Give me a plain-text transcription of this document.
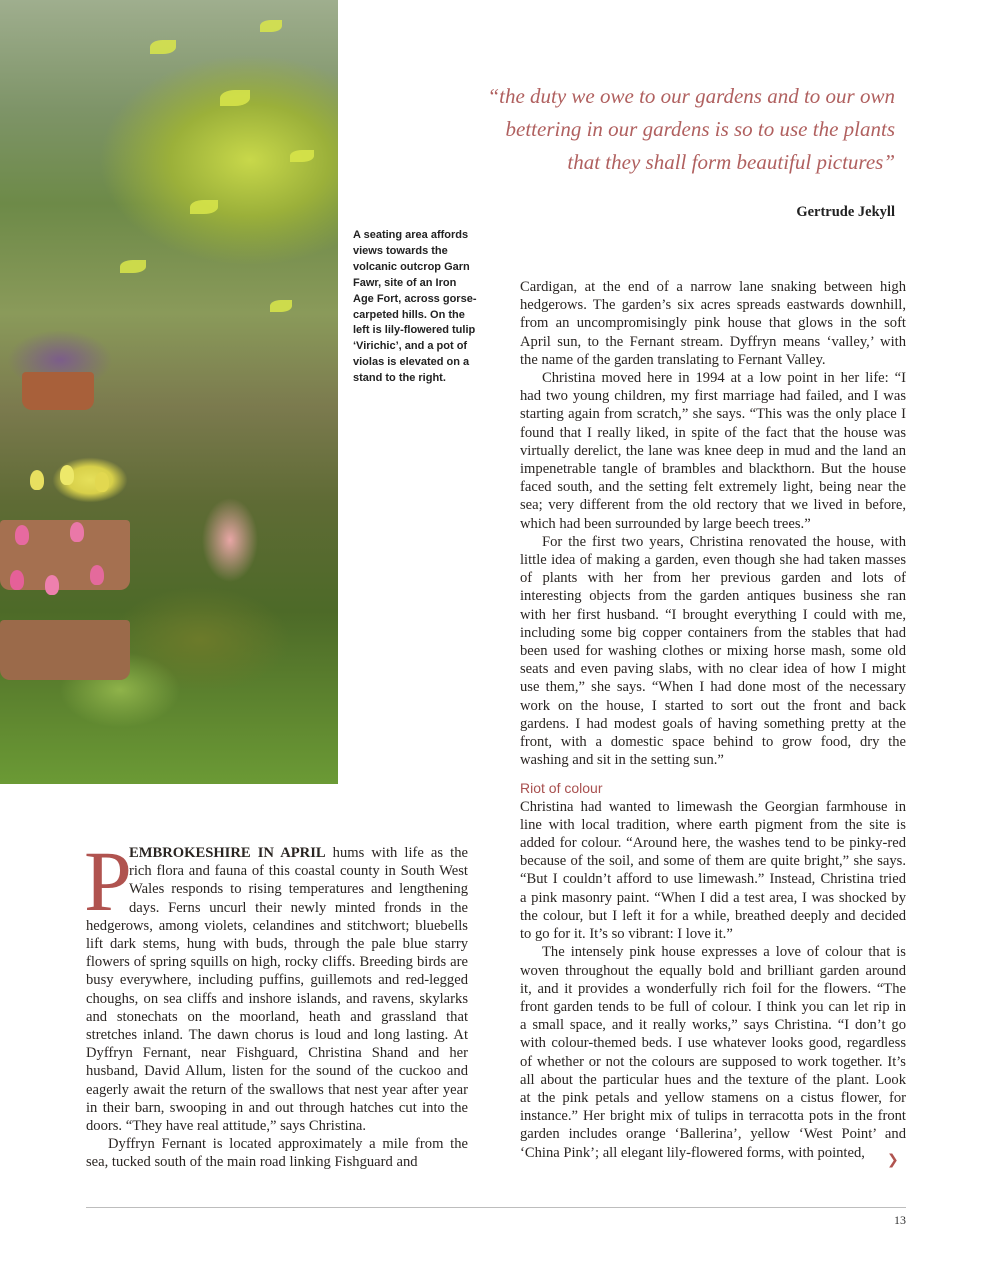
“the duty we owe to our gardens and to our own
bettering in our gardens is so to use the plants
that they shall form beautiful pictures”
Gertrude Jekyll
A seating area affords views towards the volcanic outcrop Garn Fawr, site of an Iron Age Fort, across gorse-carpeted hills. On the left is lily-flowered tulip ‘Virichic’, and a pot of violas is elevated on a stand to the right.
P
EMBROKESHIRE IN APRIL hums with life as the
rich flora and fauna of this coastal county in South West
Wales responds to rising temperatures and lengthening
days. Ferns uncurl their newly minted fronds in the
hedgerows, among violets, celandines and stitchwort; bluebells
lift dark stems, hung with buds, through the pale blue starry
flowers of spring squills on high, rocky cliffs. Breeding birds are
busy everywhere, including puffins, guillemots and red-legged
choughs, on sea cliffs and inshore islands, and ravens, skylarks
and stonechats on the moorland, heath and grassland that
stretches inland. The dawn chorus is loud and long lasting. At
Dyffryn Fernant, near Fishguard, Christina Shand and her
husband, David Allum, listen for the sound of the cuckoo and
eagerly await the return of the swallows that nest year after year
in their barn, swooping in and out through hatches cut into the
doors. “They have real attitude,” says Christina.
Dyffryn Fernant is located approximately a mile from the
sea, tucked south of the main road linking Fishguard and
Cardigan, at the end of a narrow lane snaking between high
hedgerows. The garden’s six acres spreads eastwards downhill,
from an uncompromisingly pink house that glows in the soft
April sun, to the Fernant stream. Dyffryn means ‘valley,’ with
the name of the garden translating to Fernant Valley.
Christina moved here in 1994 at a low point in her life: “I
had two young children, my first marriage had failed, and I was
starting again from scratch,” she says. “This was the only place I
found that I really liked, in spite of the fact that the house was
virtually derelict, the lane was knee deep in mud and the land an
impenetrable tangle of brambles and blackthorn. But the house
faced south, and the setting felt extremely light, being near the
sea; very different from the old rectory that we lived in before,
which had been surrounded by large beech trees.”
For the first two years, Christina renovated the house, with
little idea of making a garden, even though she had taken masses
of plants with her from her previous garden and lots of
interesting objects from the garden antiques business she ran
with her first husband. “I brought everything I could with me,
including some big copper containers from the stables that had
been used for washing clothes or mixing horse mash, some old
seats and even paving slabs, with no clear idea of how I might
use them,” she says. “When I had done most of the necessary
work on the house, I started to sort out the front and back
gardens. I had modest goals of having something pretty at the
front, with a domestic space behind to grow food, dry the
washing and sit in the setting sun.”
Riot of colour
Christina had wanted to limewash the Georgian farmhouse in
line with local tradition, where earth pigment from the site is
added for colour. “Around here, the washes tend to be pinky-red
because of the soil, and some of them are quite bright,” she says.
“But I couldn’t afford to use limewash.” Instead, Christina tried
a pink masonry paint. “When I did a test area, I was shocked by
the colour, but I left it for a while, breathed deeply and decided
to go for it. It’s so vibrant: I love it.”
The intensely pink house expresses a love of colour that is
woven throughout the equally bold and brilliant garden around
it, and it provides a wonderfully rich foil for the flowers. “The
front garden tends to be full of colour. I think you can let rip in
a small space, and it really works,” says Christina. “I don’t go
with colour-themed beds. I use whatever looks good, regardless
of whether or not the colours are supposed to work together. It’s
all about the particular hues and the texture of the plant. Look
at the pink petals and yellow stamens on a cistus flower, for
instance.” Her bright mix of tulips in terracotta pots in the front
garden includes orange ‘Ballerina’, yellow ‘West Point’ and
‘China Pink’; all elegant lily-flowered forms, with pointed,	❯
13
